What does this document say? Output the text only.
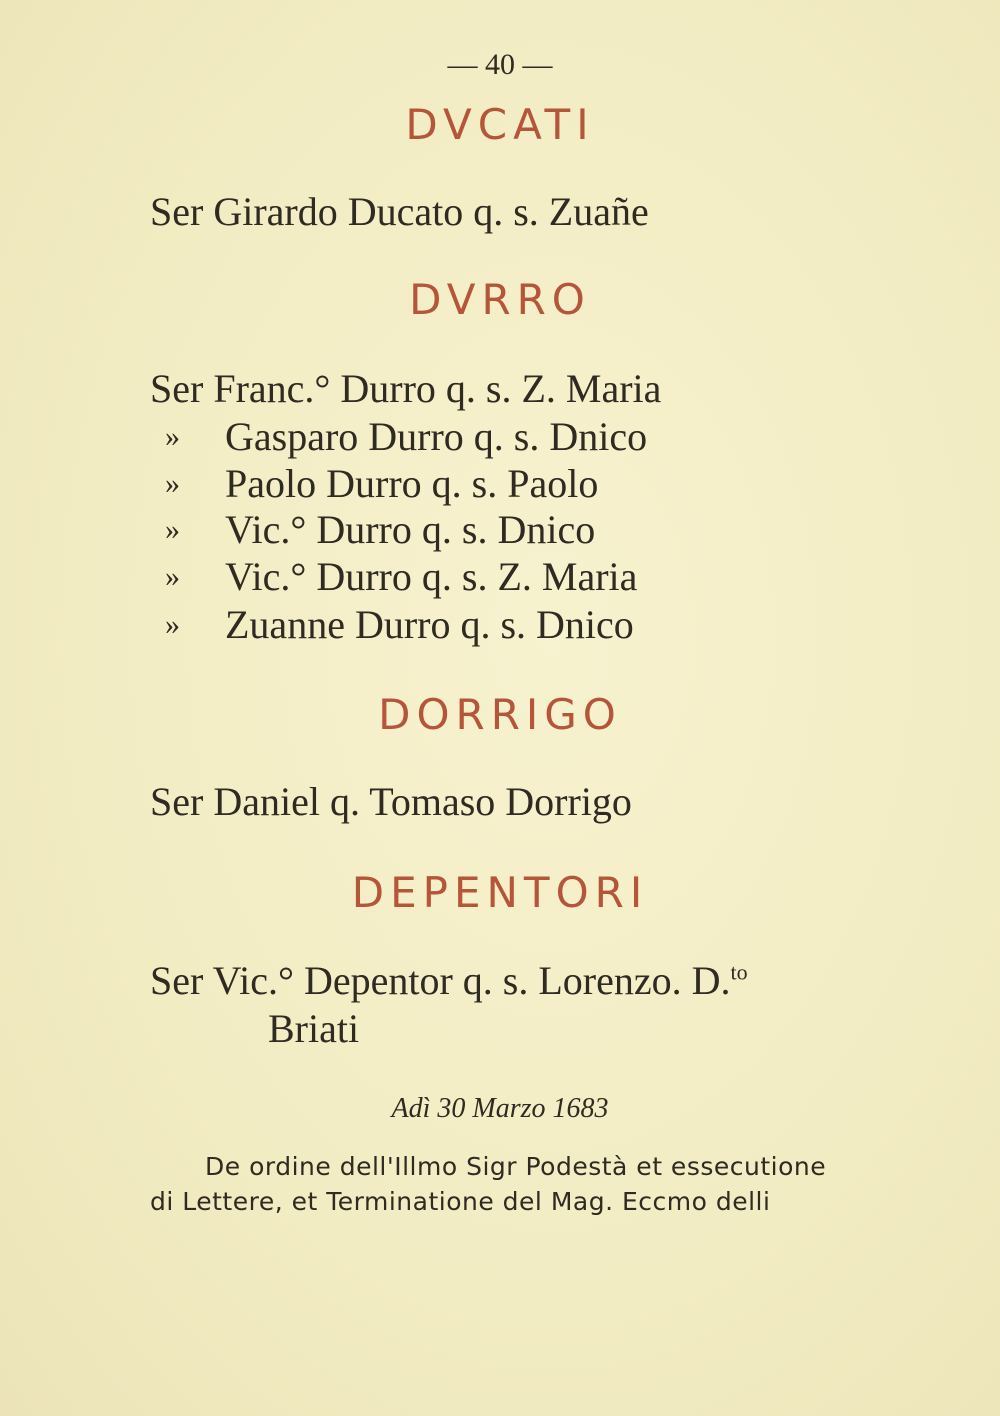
— 40 —
DVCATI
Ser Girardo Ducato q. s. Zuañe
DVRRO
Ser Franc.° Durro q. s. Z. Maria
» Gasparo Durro q. s. Dnico
» Paolo Durro q. s. Paolo
» Vic.° Durro q. s. Dnico
» Vic.° Durro q. s. Z. Maria
» Zuanne Durro q. s. Dnico
DORRIGO
Ser Daniel q. Tomaso Dorrigo
DEPENTORI
Ser Vic.° Depentor q. s. Lorenzo. D.$^{to}$
Briati
Adì 30 Marzo 1683
De ordine dell'Illmo Sigr Podestà et essecutione
di Lettere, et Terminatione del Mag. Eccmo delli
